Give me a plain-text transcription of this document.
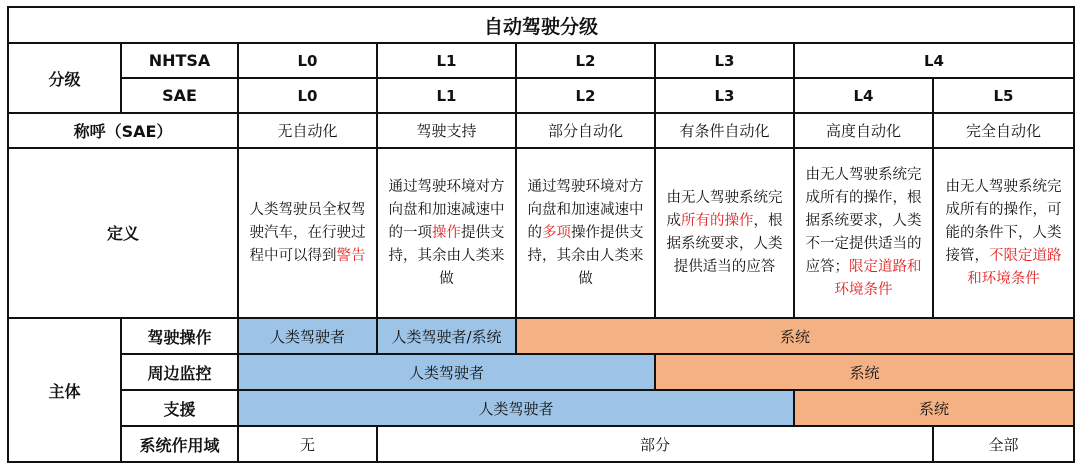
自动驾驶分级							
分级	NHTSA	L0	L1	L2	L3	L4	
	SAE	L0	L1	L2	L3	L4	L5
称呼（SAE）		无自动化	驾驶支持	部分自动化	有条件自动化	高度自动化	完全自动化
定义		人类驾驶员全权驾驶汽车，在行驶过程中可以得到警告	通过驾驶环境对方向盘和加速减速中的一项操作提供支持，其余由人类来做	通过驾驶环境对方向盘和加速减速中的多项操作提供支持，其余由人类来做	由无人驾驶系统完成所有的操作，根据系统要求，人类提供适当的应答	由无人驾驶系统完成所有的操作，根据系统要求，人类不一定提供适当的应答；限定道路和环境条件	由无人驾驶系统完成所有的操作，可能的条件下，人类接管，不限定道路和环境条件
主体	驾驶操作	人类驾驶者	人类驾驶者/系统	系统			
	周边监控	人类驾驶者			系统		
	支援	人类驾驶者				系统	
	系统作用域	无	部分				全部
